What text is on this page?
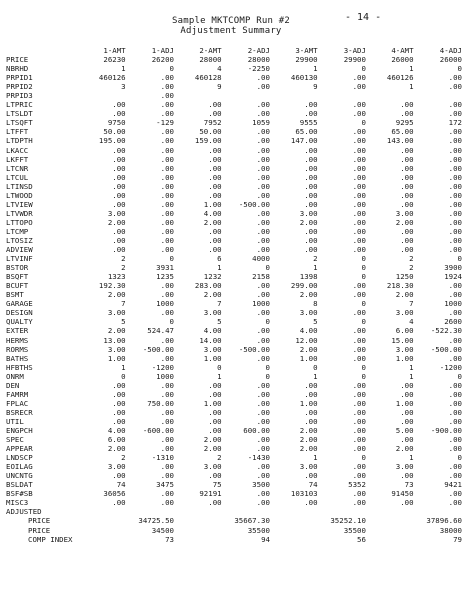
- 14 -
Sample MKTCOMP Run #2
Adjustment Summary
	1-AMT	1-ADJ	2-AMT	2-ADJ	3-AMT	3-ADJ	4-AMT	4-ADJ
PRICE	26230	26200	28000	28000	29900	29900	26000	26000
NBRHD	1	0	4	-2250	1	0	1	0
PRPID1	460126	.00	460128	.00	460130	.00	460126	.00
PRPID2	3	.00	9	.00	9	.00	1	.00
PRPID3		.00						
LTPRIC	.00	.00	.00	.00	.00	.00	.00	.00
LTSLDT	.00	.00	.00	.00	.00	.00	.00	.00
LTSQFT	9750	-129	7952	1059	9555	0	9295	172
LTFFT	50.00	.00	50.00	.00	65.00	.00	65.00	.00
LTDPTH	195.00	.00	159.00	.00	147.00	.00	143.00	.00
LKACC	.00	.00	.00	.00	.00	.00	.00	.00
LKFFT	.00	.00	.00	.00	.00	.00	.00	.00
LTCNR	.00	.00	.00	.00	.00	.00	.00	.00
LTCUL	.00	.00	.00	.00	.00	.00	.00	.00
LTINSD	.00	.00	.00	.00	.00	.00	.00	.00
LTWOOD	.00	.00	.00	.00	.00	.00	.00	.00
LTVIEW	.00	.00	1.00	-500.00	.00	.00	.00	.00
LTVWDR	3.00	.00	4.00	.00	3.00	.00	3.00	.00
LTTOPO	2.00	.00	2.00	.00	2.00	.00	2.00	.00
LTCMP	.00	.00	.00	.00	.00	.00	.00	.00
LTOSIZ	.00	.00	.00	.00	.00	.00	.00	.00
ADVIEW	.00	.00	.00	.00	.00	.00	.00	.00
LTVINF	2	0	6	4000	2	0	2	0
BSTOR	2	3931	1	0	1	0	2	3900
BSQFT	1323	1235	1232	2158	1398	0	1250	1924
BCUFT	192.30	.00	283.00	.00	299.00	.00	218.30	.00
BSMT	2.00	.00	2.00	.00	2.00	.00	2.00	.00
GARAGE	7	1000	7	1000	8	0	7	1000
DESIGN	3.00	.00	3.00	.00	3.00	.00	3.00	.00
QUALTY	5	0	5	0	5	0	4	2600
EXTER	2.00	524.47	4.00	.00	4.00	.00	6.00	-522.30
HERMS	13.00	.00	14.00	.00	12.00	.00	15.00	.00
RORMS	3.00	-500.00	3.00	-500.00	2.00	.00	3.00	-500.00
BATHS	1.00	.00	1.00	.00	1.00	.00	1.00	.00
HFBTHS	1	-1200	0	0	0	0	1	-1200
ONRM	0	1000	1	0	1	0	1	0
DEN	.00	.00	.00	.00	.00	.00	.00	.00
FAMRM	.00	.00	.00	.00	.00	.00	.00	.00
FPLAC	.00	750.00	1.00	.00	1.00	.00	1.00	.00
BSRECR	.00	.00	.00	.00	.00	.00	.00	.00
UTIL	.00	.00	.00	.00	.00	.00	.00	.00
ENGPCH	4.00	-600.00	.00	600.00	2.00	.00	5.00	-900.00
SPEC	6.00	.00	2.00	.00	2.00	.00	.00	.00
APPEAR	2.00	.00	2.00	.00	2.00	.00	2.00	.00
LNDSCP	2	-1310	2	-1430	1	0	1	0
EOILAG	3.00	.00	3.00	.00	3.00	.00	3.00	.00
UNCNTG	.00	.00	.00	.00	.00	.00	.00	.00
BSLDAT	74	3475	75	3500	74	5352	73	9421
BSF#SB	36056	.00	92191	.00	103103	.00	91450	.00
MISC3	.00	.00	.00	.00	.00	.00	.00	.00
ADJUSTED								
PRICE		34725.50		35667.30		35252.10		37896.60
PRICE		34500		35500		35500		38000
COMP INDEX		73		94		56		79
